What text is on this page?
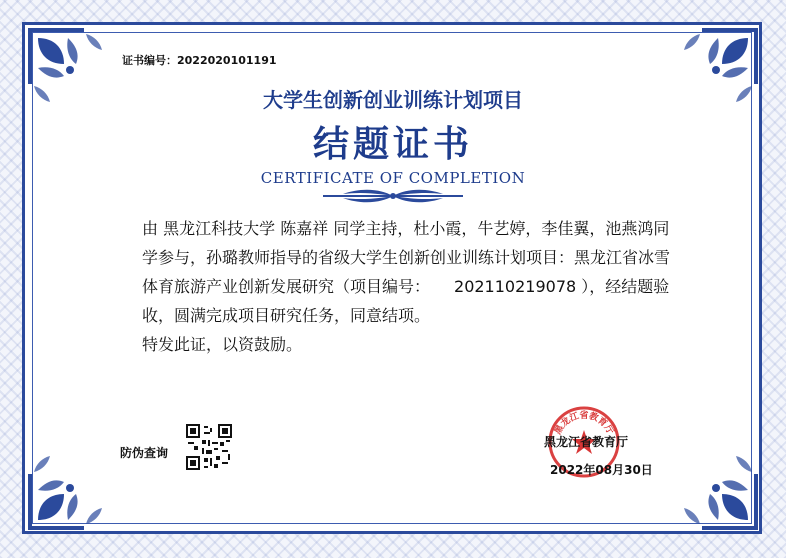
证书编号：2022020101191
大学生创新创业训练计划项目
结题证书
CERTIFICATE OF COMPLETION

由 黑龙江科技大学 陈嘉祥 同学主持，杜小霞，牛艺婷，李佳翼，池燕鸿同学参与，孙璐教师指导的省级大学生创新创业训练计划项目：黑龙江省冰雪体育旅游产业创新发展研究（项目编号： 202110219078 ），经结题验收，圆满完成项目研究任务，同意结项。

特发此证，以资鼓励。

防伪查询
黑龙江省教育厅
黑龙江省教育厅
2022年08月30日
